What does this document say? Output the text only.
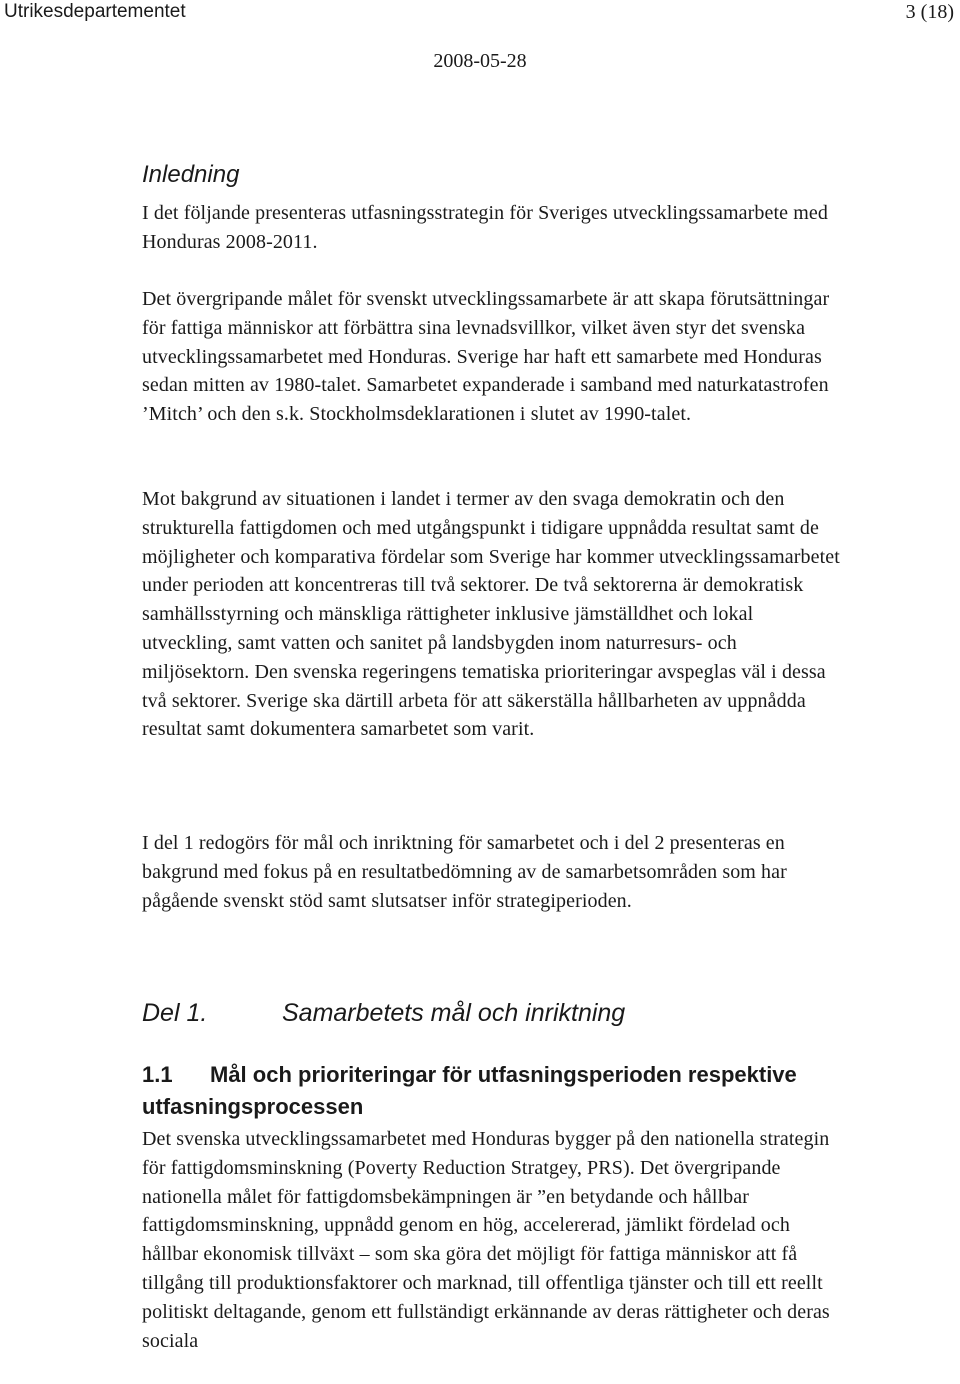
Utrikesdepartementet	3 (18)
2008-05-28
Inledning

I det följande presenteras utfasningsstrategin för Sveriges utvecklingssamarbete med Honduras 2008-2011.

Det övergripande målet för svenskt utvecklingssamarbete är att skapa förutsättningar för fattiga människor att förbättra sina levnadsvillkor, vilket även styr det svenska utvecklingssamarbetet med Honduras. Sverige har haft ett samarbete med Honduras sedan mitten av 1980-talet. Samarbetet expanderade i samband med naturkatastrofen ’Mitch’ och den s.k. Stockholmsdeklarationen i slutet av 1990-talet.

Mot bakgrund av situationen i landet i termer av den svaga demokratin och den strukturella fattigdomen och med utgångspunkt i tidigare uppnådda resultat samt de möjligheter och komparativa fördelar som Sverige har kommer utvecklingssamarbetet under perioden att koncentreras till två sektorer. De två sektorerna är demokratisk samhällsstyrning och mänskliga rättigheter inklusive jämställdhet och lokal utveckling, samt vatten och sanitet på landsbygden inom naturresurs- och miljösektorn. Den svenska regeringens tematiska prioriteringar avspeglas väl i dessa två sektorer. Sverige ska därtill arbeta för att säkerställa hållbarheten av uppnådda resultat samt dokumentera samarbetet som varit.

I del 1 redogörs för mål och inriktning för samarbetet och i del 2 presenteras en bakgrund med fokus på en resultatbedömning av de samarbetsområden som har pågående svenskt stöd samt slutsatser inför strategiperioden.

Del 1.	Samarbetets mål och inriktning
1.1 Mål och prioriteringar för utfasningsperioden respektive utfasningsprocessen

Det svenska utvecklingssamarbetet med Honduras bygger på den nationella strategin för fattigdomsminskning (Poverty Reduction Stratgey, PRS). Det övergripande nationella målet för fattigdomsbekämpningen är ”en betydande och hållbar fattigdomsminskning, uppnådd genom en hög, accelererad, jämlikt fördelad och hållbar ekonomisk tillväxt – som ska göra det möjligt för fattiga människor att få tillgång till produktionsfaktorer och marknad, till offentliga tjänster och till ett reellt politiskt deltagande, genom ett fullständigt erkännande av deras rättigheter och deras sociala
